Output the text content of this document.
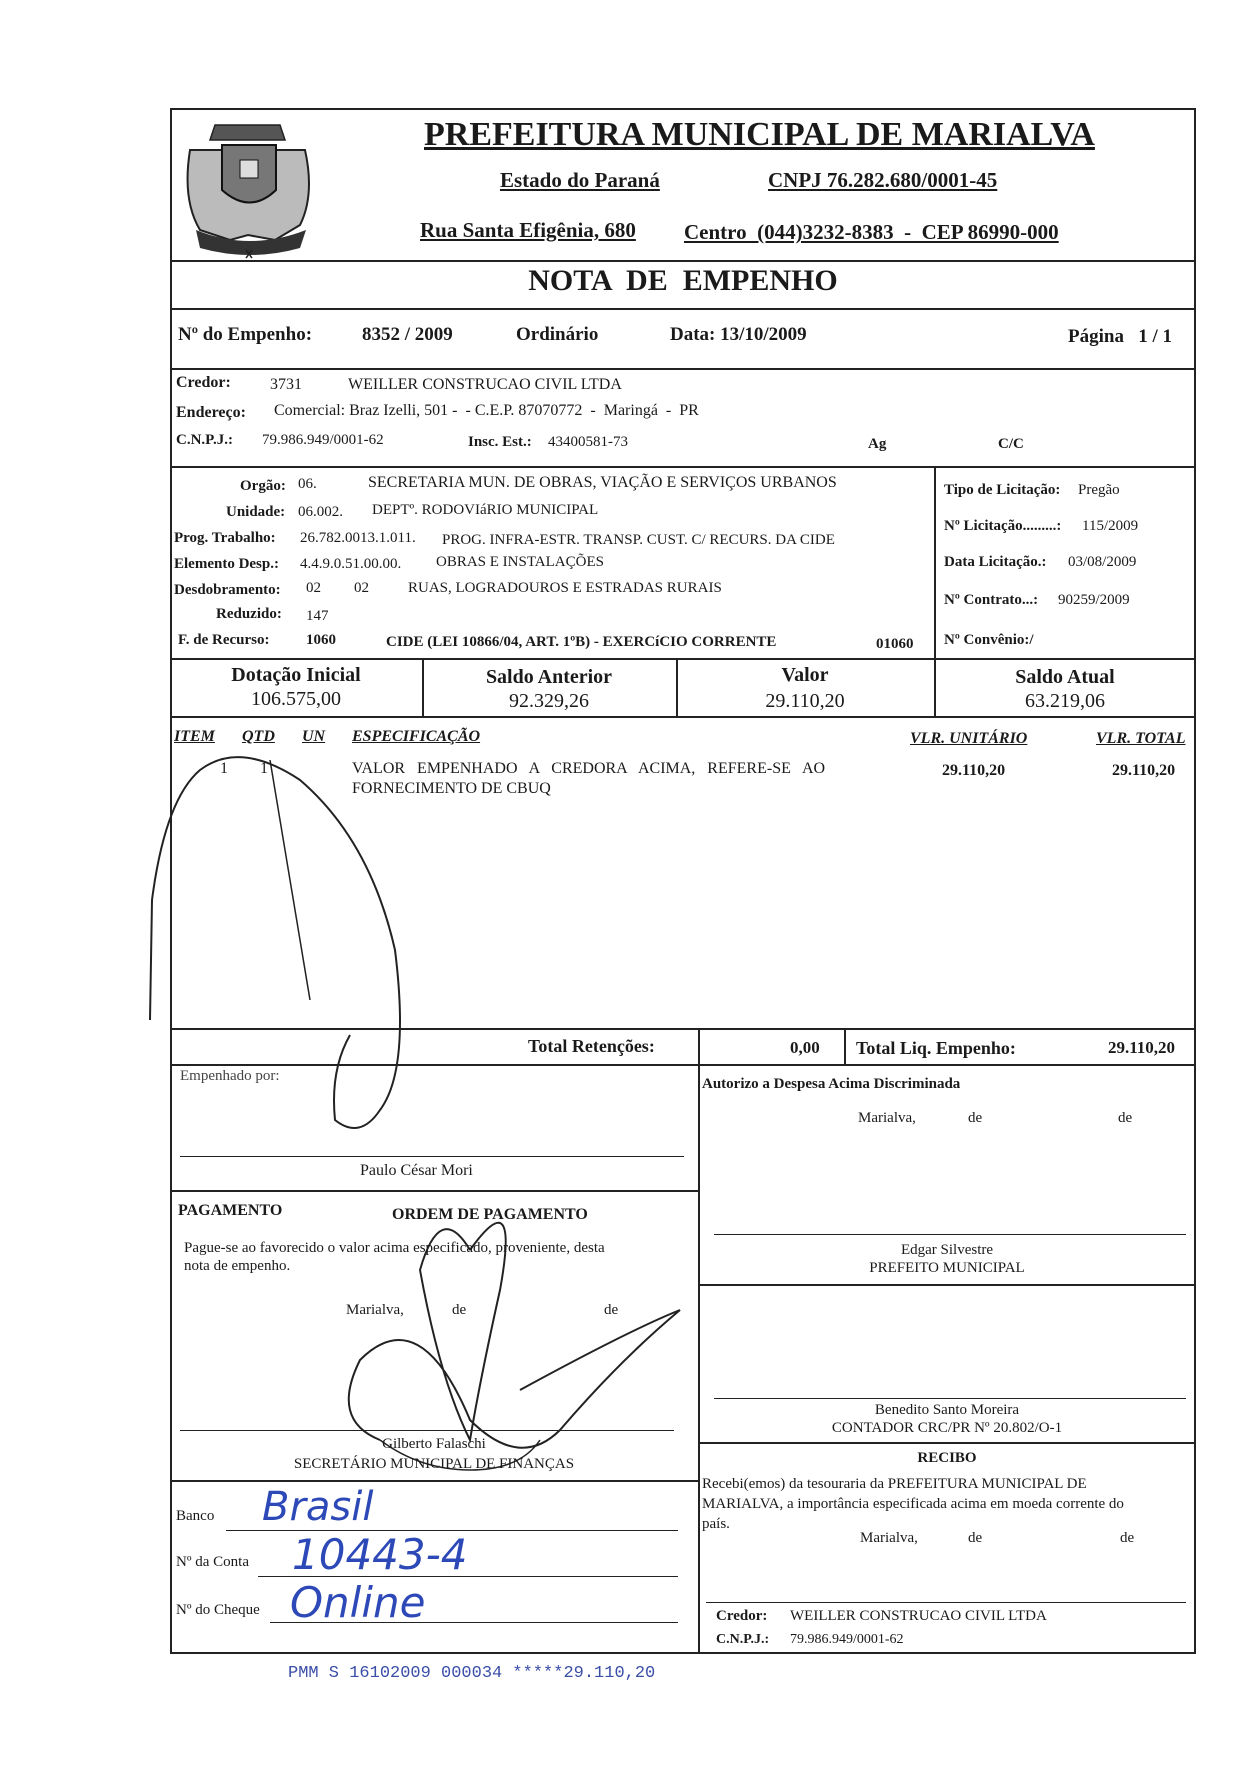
PREFEITURA MUNICIPAL DE MARIALVA
Estado do Paraná	CNPJ 76.282.680/0001-45
Rua Santa Efigênia, 680 Centro  (044)3232-8383  -  CEP 86990-000
NOTA  DE  EMPENHO
Nº do Empenho:	8352 / 2009	Ordinário	Data: 13/10/2009	Página   1 / 1
Credor: 3731	WEILLER CONSTRUCAO CIVIL LTDA
Endereço: Comercial: Braz Izelli, 501 -  - C.E.P. 87070772  -  Maringá  -  PR
C.N.P.J.: 79.986.949/0001-62	Insc. Est.: 43400581-73	Ag	C/C
Orgão: 06.	SECRETARIA MUN. DE OBRAS, VIAÇÃO E SERVIÇOS URBANOS
Unidade: 06.002. DEPTº. RODOVIáRIO MUNICIPAL
Prog. Trabalho: 26.782.0013.1.011. PROG. INFRA-ESTR. TRANSP. CUST. C/ RECURS. DA CIDE
Elemento Desp.: 4.4.9.0.51.00.00. OBRAS E INSTALAÇÕES
Desdobramento: 02 02	RUAS, LOGRADOUROS E ESTRADAS RURAIS
Reduzido: 147
F. de Recurso: 1060	CIDE (LEI 10866/04, ART. 1ºB) - EXERCíCIO CORRENTE	01060
Tipo de Licitação: Pregão
Nº Licitação.........: 115/2009
Data Licitação.: 03/08/2009
Nº Contrato...: 90259/2009
Nº Convênio:/
Dotação Inicial
106.575,00
Saldo Anterior
92.329,26
Valor
29.110,20
Saldo Atual
63.219,06
ITEM QTD UN ESPECIFICAÇÃO	VLR. UNITÁRIO	VLR. TOTAL
1 1	VALOR   EMPENHADO   A   CREDORA   ACIMA,   REFERE-SE   AO
FORNECIMENTO DE CBUQ
29.110,20	29.110,20
Total Retenções:	0,00 Total Liq. Empenho:	29.110,20
Empenhado por:
Paulo César Mori
Autorizo a Despesa Acima Discriminada
Marialva,	de	de
Edgar Silvestre
PREFEITO MUNICIPAL
PAGAMENTO	ORDEM DE PAGAMENTO
Pague-se ao favorecido o valor acima especificado, proveniente, desta
nota de empenho.
Marialva,	de	de
Gilberto Falaschi
SECRETÁRIO MUNICIPAL DE FINANÇAS
Benedito Santo Moreira
CONTADOR CRC/PR Nº 20.802/O-1
RECIBO
Recebi(emos) da tesouraria da PREFEITURA MUNICIPAL DE
MARIALVA, a importância especificada acima em moeda corrente do
país.
Marialva,	de	de
Credor: WEILLER CONSTRUCAO CIVIL LTDA
C.N.P.J.: 79.986.949/0001-62
Banco Brasil
Nº da Conta 10443-4
Nº do Cheque Online
PMM S 16102009 000034 *****29.110,20
